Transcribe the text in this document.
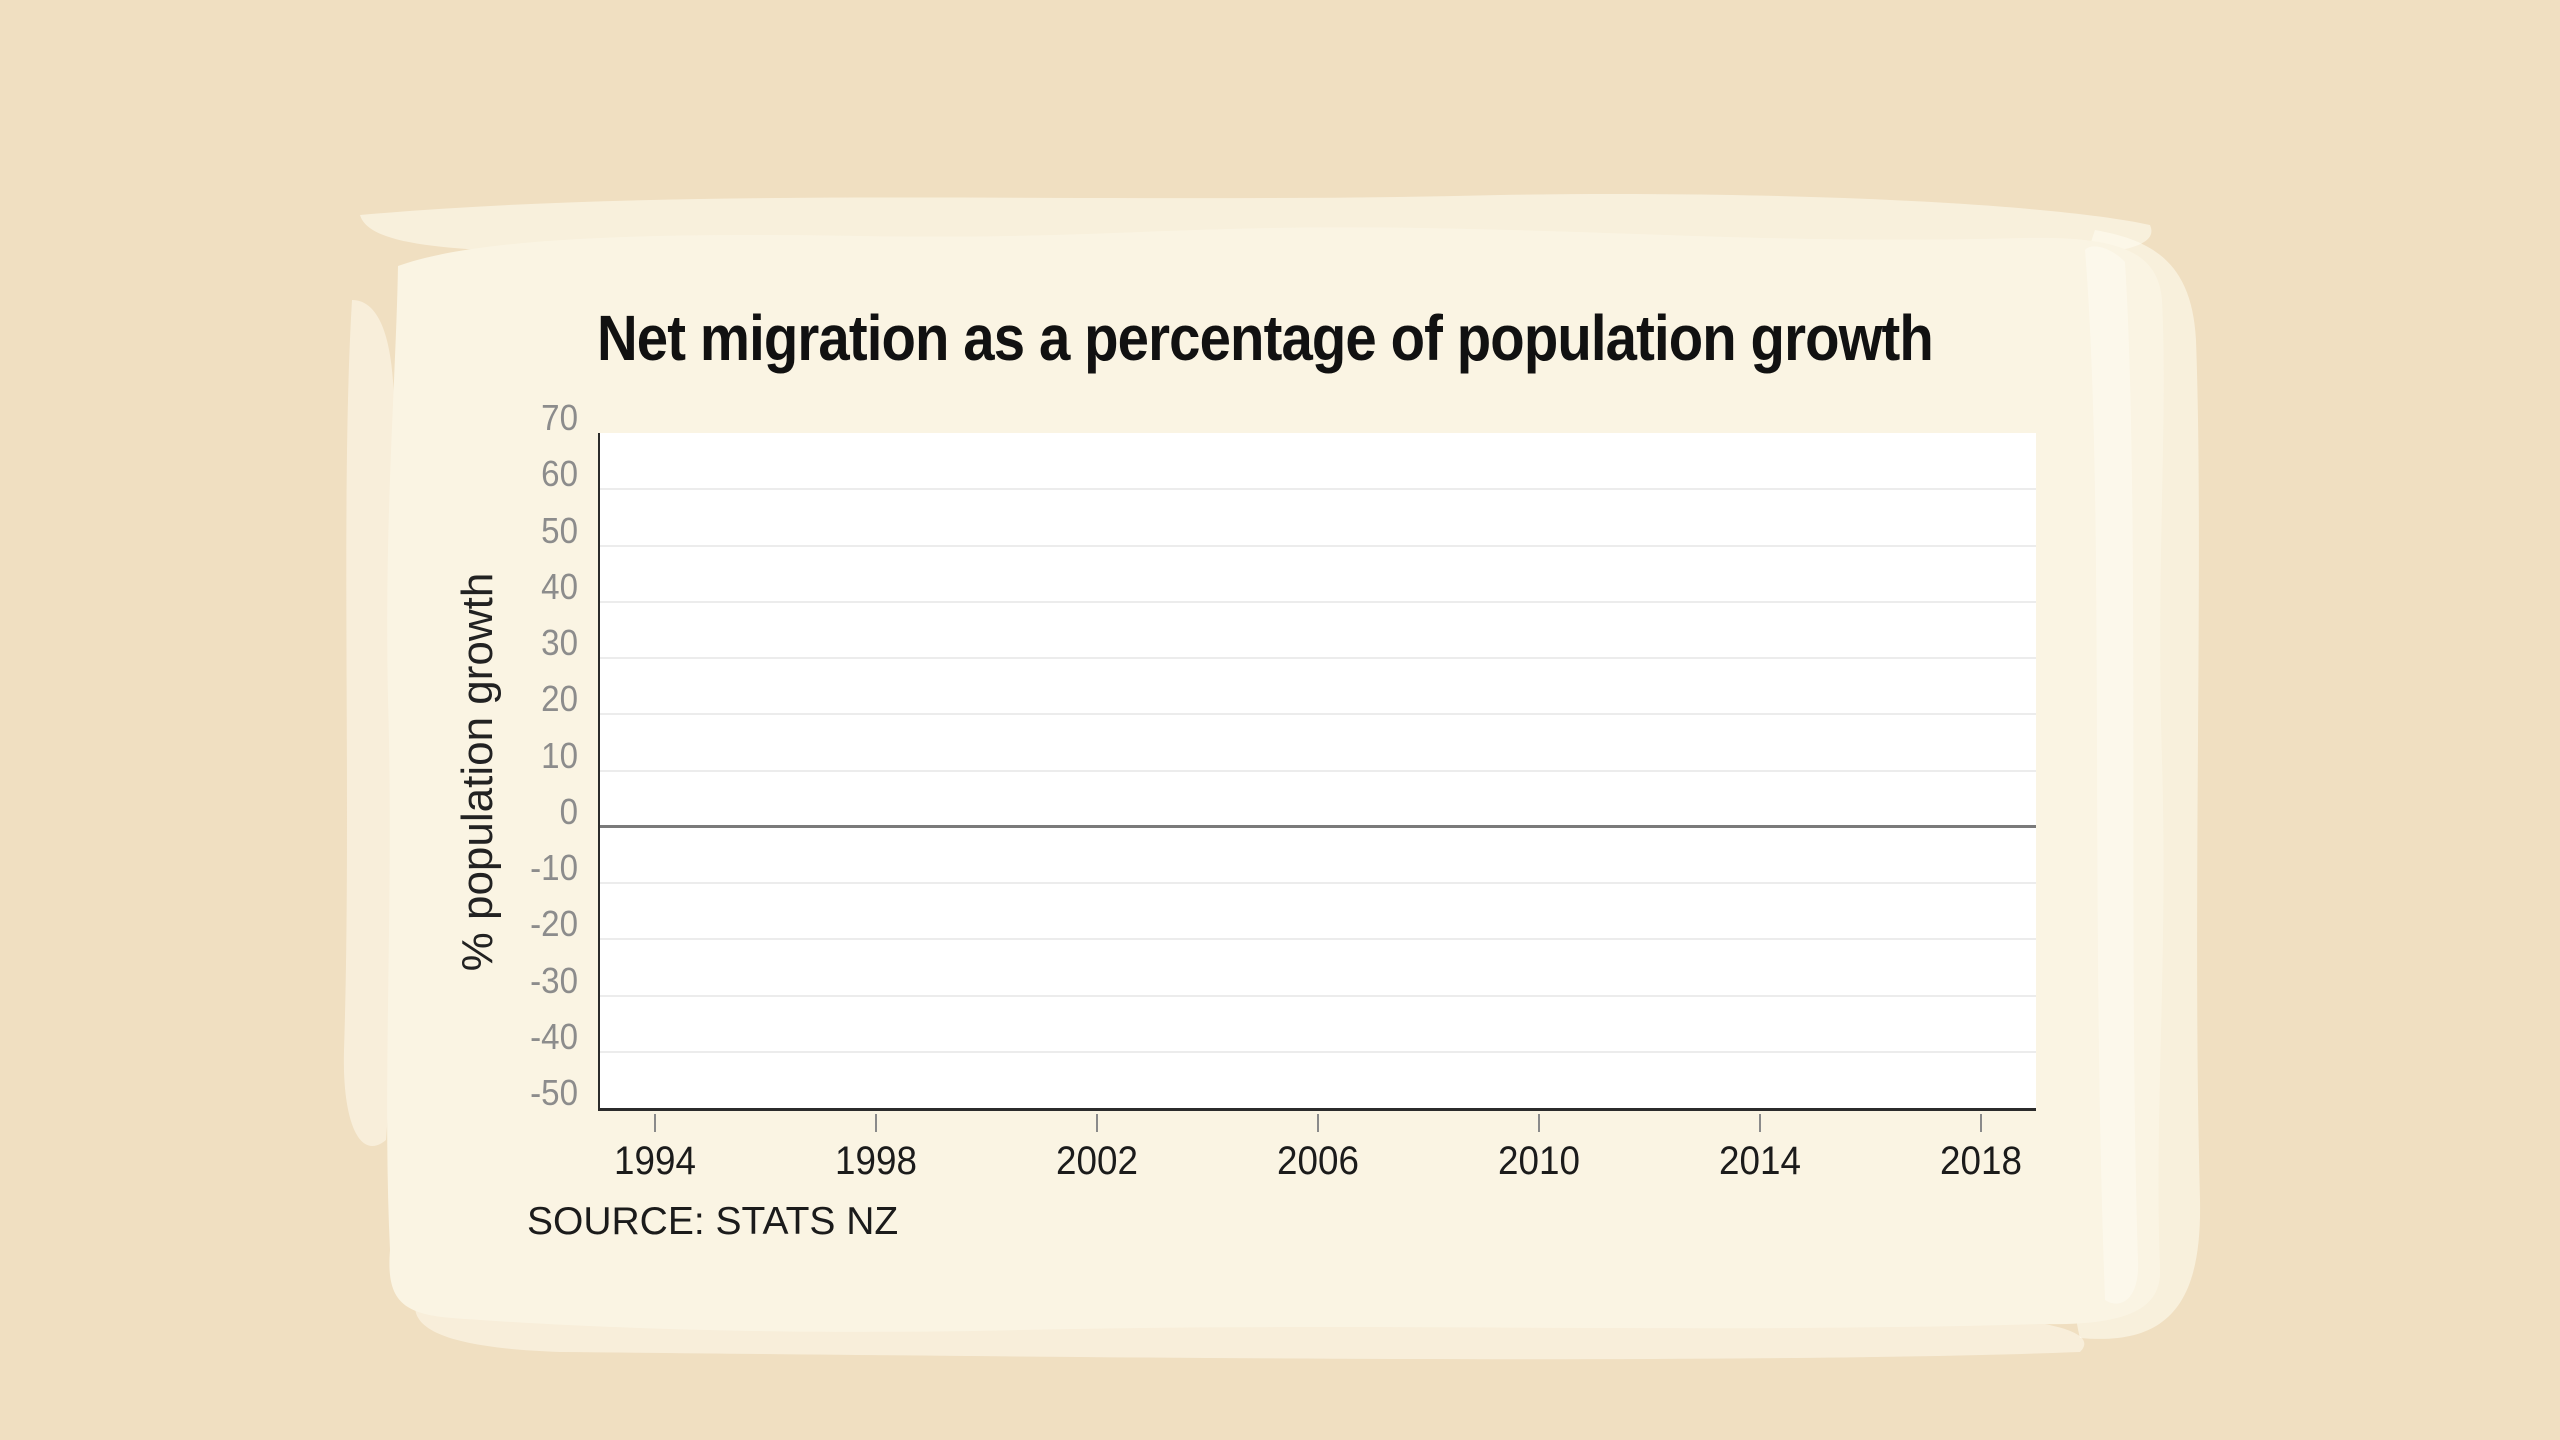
Net migration as a percentage of population growth
% population growth
70
60
50
40
30
20
10
0
-10
-20
-30
-40
-50
1994	1998	2002	2006	2010	2014	2018
SOURCE: STATS NZ
